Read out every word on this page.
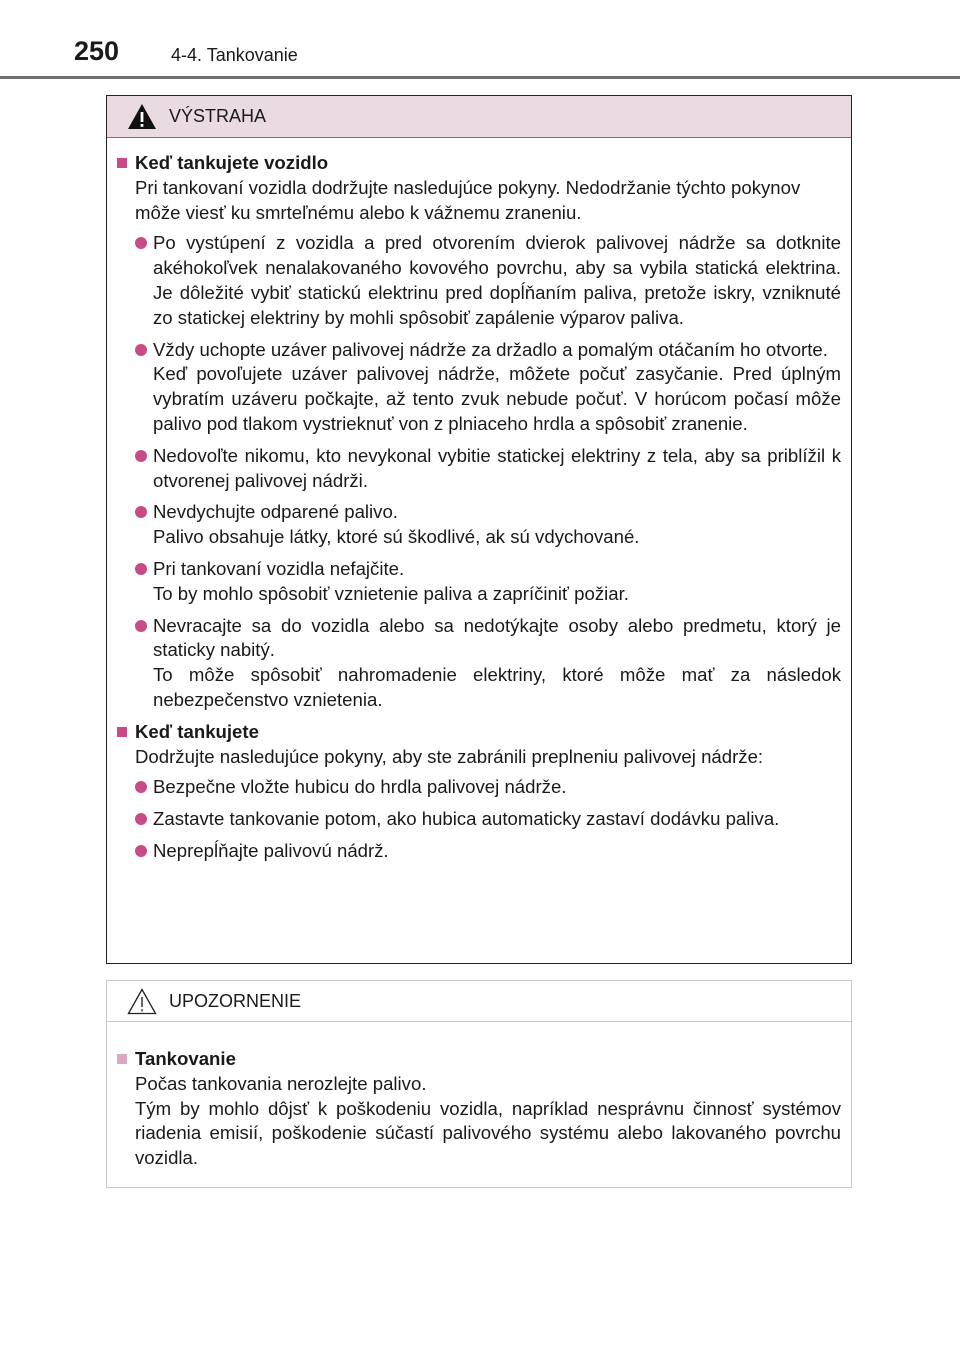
250	4-4. Tankovanie
VÝSTRAHA
Keď tankujete vozidlo
Pri tankovaní vozidla dodržujte nasledujúce pokyny. Nedodržanie týchto pokynov môže viesť ku smrteľnému alebo k vážnemu zraneniu.
Po vystúpení z vozidla a pred otvorením dvierok palivovej nádrže sa dotknite akéhokoľvek nenalakovaného kovového povrchu, aby sa vybila statická elektrina. Je dôležité vybiť statickú elektrinu pred dopĺňaním paliva, pretože iskry, vzniknuté zo statickej elektriny by mohli spôsobiť zapálenie výparov paliva.
Vždy uchopte uzáver palivovej nádrže za držadlo a pomalým otáčaním ho otvorte.
Keď povoľujete uzáver palivovej nádrže, môžete počuť zasyčanie. Pred úplným vybratím uzáveru počkajte, až tento zvuk nebude počuť. V horúcom počasí môže palivo pod tlakom vystrieknuť von z plniaceho hrdla a spôsobiť zranenie.
Nedovoľte nikomu, kto nevykonal vybitie statickej elektriny z tela, aby sa priblížil k otvorenej palivovej nádrži.
Nevdychujte odparené palivo.
Palivo obsahuje látky, ktoré sú škodlivé, ak sú vdychované.
Pri tankovaní vozidla nefajčite.
To by mohlo spôsobiť vznietenie paliva a zapríčiniť požiar.
Nevracajte sa do vozidla alebo sa nedotýkajte osoby alebo predmetu, ktorý je staticky nabitý.
To môže spôsobiť nahromadenie elektriny, ktoré môže mať za následok nebezpečenstvo vznietenia.
Keď tankujete
Dodržujte nasledujúce pokyny, aby ste zabránili preplneniu palivovej nádrže:
Bezpečne vložte hubicu do hrdla palivovej nádrže.
Zastavte tankovanie potom, ako hubica automaticky zastaví dodávku paliva.
Neprepĺňajte palivovú nádrž.
UPOZORNENIE
Tankovanie
Počas tankovania nerozlejte palivo.
Tým by mohlo dôjsť k poškodeniu vozidla, napríklad nesprávnu činnosť systémov riadenia emisií, poškodenie súčastí palivového systému alebo lakovaného povrchu vozidla.
